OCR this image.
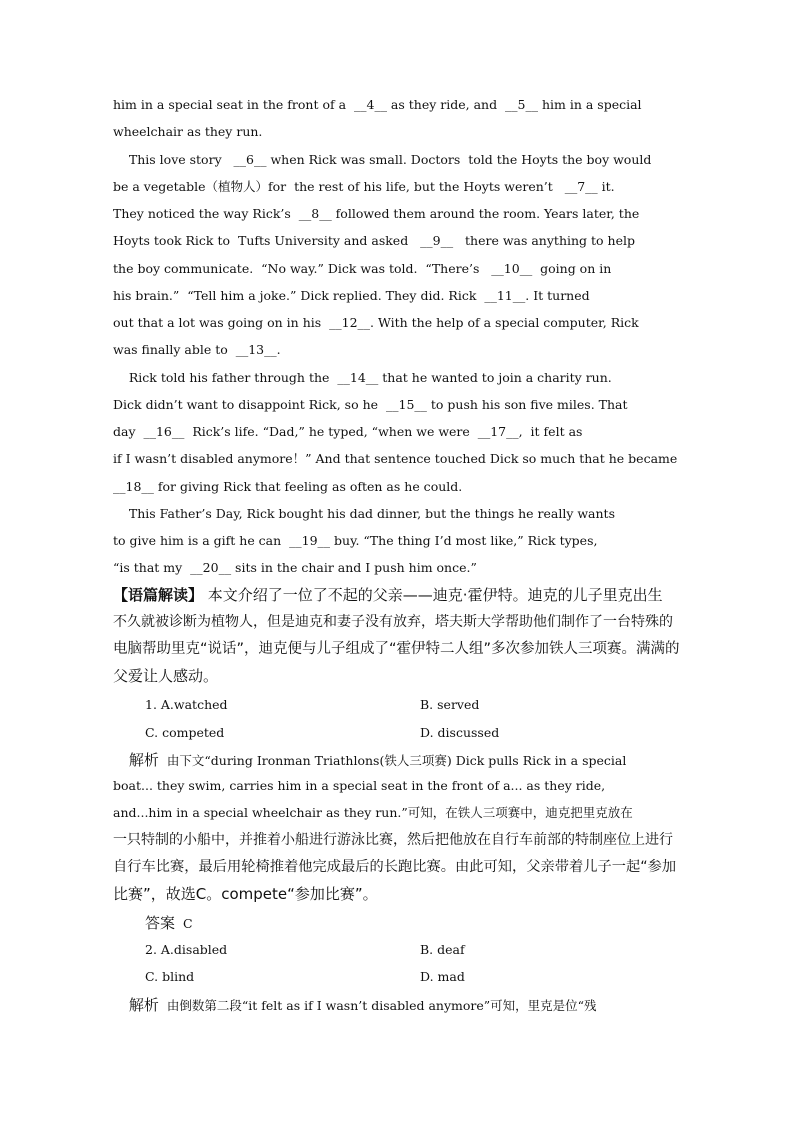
him in a special seat in the front of a  __4__ as they ride, and  __5__ him in a special
wheelchair as they run.
This love story   __6__ when Rick was small. Doctors  told the Hoyts the boy would
be a vegetable（植物人）for  the rest of his life, but the Hoyts weren’t   __7__ it.
They noticed the way Rick’s  __8__ followed them around the room. Years later, the
Hoyts took Rick to  Tufts University and asked   __9__   there was anything to help
the boy communicate.  “No way.” Dick was told.  “There’s   __10__  going on in
his brain.”  “Tell him a joke.” Dick replied. They did. Rick  __11__. It turned
out that a lot was going on in his  __12__. With the help of a special computer, Rick
was finally able to  __13__.
Rick told his father through the  __14__ that he wanted to join a charity run.
Dick didn’t want to disappoint Rick, so he  __15__ to push his son five miles. That
day  __16__  Rick’s life. “Dad,” he typed, “when we were  __17__,  it felt as
if I wasn’t disabled anymore！” And that sentence touched Dick so much that he became
__18__ for giving Rick that feeling as often as he could.
This Father’s Day, Rick bought his dad dinner, but the things he really wants
to give him is a gift he can  __19__ buy. “The thing I’d most like,” Rick types,
“is that my  __20__ sits in the chair and I push him once.”
【语篇解读】 本文介绍了一位了不起的父亲——迪克·霍伊特。迪克的儿子里克出生
不久就被诊断为植物人，但是迪克和妻子没有放弃，塔夫斯大学帮助他们制作了一台特殊的
电脑帮助里克“说话”，迪克便与儿子组成了“霍伊特二人组”多次参加铁人三项赛。满满的
父爱让人感动。
1. A.watched	B. served
C. competed	D. discussed
解析 由下文“during Ironman Triathlons(铁人三项赛) Dick pulls Rick in a special
boat... they swim, carries him in a special seat in the front of a... as they ride,
and...him in a special wheelchair as they run.”可知，在铁人三项赛中，迪克把里克放在
一只特制的小船中，并推着小船进行游泳比赛，然后把他放在自行车前部的特制座位上进行
自行车比赛，最后用轮椅推着他完成最后的长跑比赛。由此可知，父亲带着儿子一起“参加
比赛”，故选C。compete“参加比赛”。
答案 C
2. A.disabled	B. deaf
C. blind	D. mad
解析 由倒数第二段“it felt as if I wasn’t disabled anymore”可知，里克是位“残
